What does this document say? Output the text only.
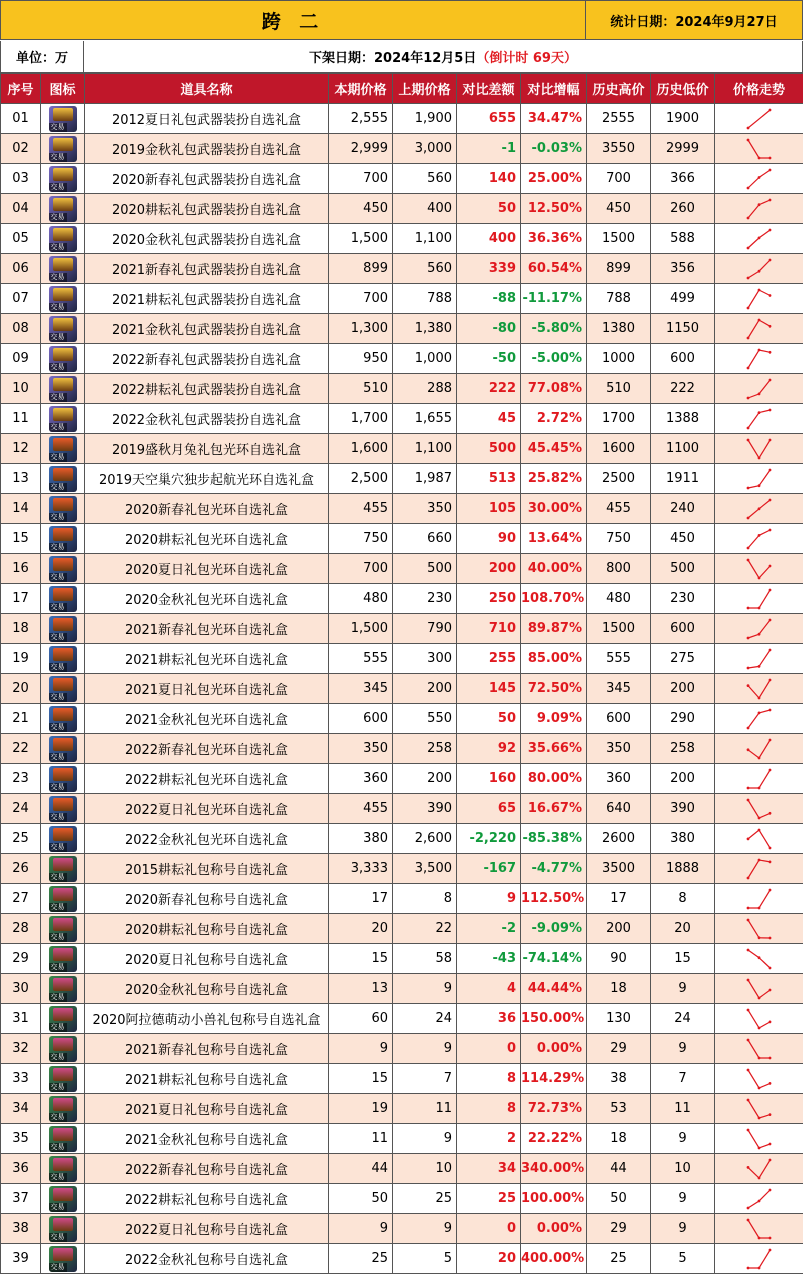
跨 二	统计日期：2024年9月27日
单位：万	下架日期：2024年12月5日 （倒计时 69天）
序号	图标	道具名称	本期价格	上期价格	对比差额	对比增幅	历史高价	历史低价	价格走势
01	交易	2012夏日礼包武器装扮自选礼盒	2,555	1,900	655	34.47%	2555	1900	

02	交易	2019金秋礼包武器装扮自选礼盒	2,999	3,000	-1	-0.03%	3550	2999	

03	交易	2020新春礼包武器装扮自选礼盒	700	560	140	25.00%	700	366	

04	交易	2020耕耘礼包武器装扮自选礼盒	450	400	50	12.50%	450	260	

05	交易	2020金秋礼包武器装扮自选礼盒	1,500	1,100	400	36.36%	1500	588	

06	交易	2021新春礼包武器装扮自选礼盒	899	560	339	60.54%	899	356	

07	交易	2021耕耘礼包武器装扮自选礼盒	700	788	-88	-11.17%	788	499	

08	交易	2021金秋礼包武器装扮自选礼盒	1,300	1,380	-80	-5.80%	1380	1150	

09	交易	2022新春礼包武器装扮自选礼盒	950	1,000	-50	-5.00%	1000	600	

10	交易	2022耕耘礼包武器装扮自选礼盒	510	288	222	77.08%	510	222	

11	交易	2022金秋礼包武器装扮自选礼盒	1,700	1,655	45	2.72%	1700	1388	

12	交易	2019盛秋月兔礼包光环自选礼盒	1,600	1,100	500	45.45%	1600	1100	

13	交易	2019天空巢穴独步起航光环自选礼盒	2,500	1,987	513	25.82%	2500	1911	

14	交易	2020新春礼包光环自选礼盒	455	350	105	30.00%	455	240	

15	交易	2020耕耘礼包光环自选礼盒	750	660	90	13.64%	750	450	

16	交易	2020夏日礼包光环自选礼盒	700	500	200	40.00%	800	500	

17	交易	2020金秋礼包光环自选礼盒	480	230	250	108.70%	480	230	

18	交易	2021新春礼包光环自选礼盒	1,500	790	710	89.87%	1500	600	

19	交易	2021耕耘礼包光环自选礼盒	555	300	255	85.00%	555	275	

20	交易	2021夏日礼包光环自选礼盒	345	200	145	72.50%	345	200	

21	交易	2021金秋礼包光环自选礼盒	600	550	50	9.09%	600	290	

22	交易	2022新春礼包光环自选礼盒	350	258	92	35.66%	350	258	

23	交易	2022耕耘礼包光环自选礼盒	360	200	160	80.00%	360	200	

24	交易	2022夏日礼包光环自选礼盒	455	390	65	16.67%	640	390	

25	交易	2022金秋礼包光环自选礼盒	380	2,600	-2,220	-85.38%	2600	380	

26	交易	2015耕耘礼包称号自选礼盒	3,333	3,500	-167	-4.77%	3500	1888	

27	交易	2020新春礼包称号自选礼盒	17	8	9	112.50%	17	8	

28	交易	2020耕耘礼包称号自选礼盒	20	22	-2	-9.09%	200	20	

29	交易	2020夏日礼包称号自选礼盒	15	58	-43	-74.14%	90	15	

30	交易	2020金秋礼包称号自选礼盒	13	9	4	44.44%	18	9	

31	交易	2020阿拉德萌动小兽礼包称号自选礼盒	60	24	36	150.00%	130	24	

32	交易	2021新春礼包称号自选礼盒	9	9	0	0.00%	29	9	

33	交易	2021耕耘礼包称号自选礼盒	15	7	8	114.29%	38	7	

34	交易	2021夏日礼包称号自选礼盒	19	11	8	72.73%	53	11	

35	交易	2021金秋礼包称号自选礼盒	11	9	2	22.22%	18	9	

36	交易	2022新春礼包称号自选礼盒	44	10	34	340.00%	44	10	

37	交易	2022耕耘礼包称号自选礼盒	50	25	25	100.00%	50	9	

38	交易	2022夏日礼包称号自选礼盒	9	9	0	0.00%	29	9	

39	交易	2022金秋礼包称号自选礼盒	25	5	20	400.00%	25	5	
